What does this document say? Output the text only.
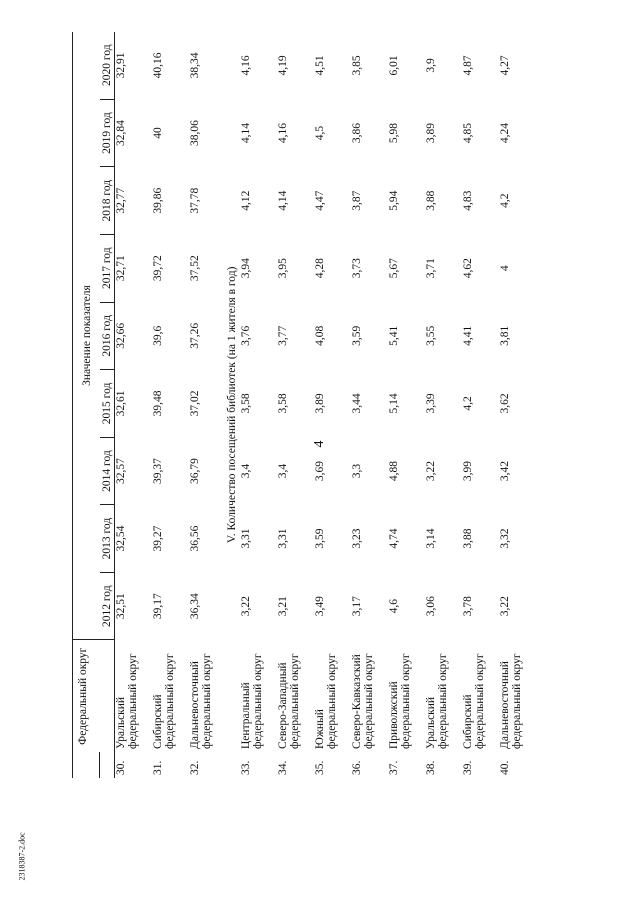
4
2318387-2.doc
	Федеральный округ	Значение показателя								
		2012 год	2013 год	2014 год	2015 год	2016 год	2017 год	2018 год	2019 год	2020 год
30.	Уральский федеральный округ	32,51	32,54	32,57	32,61	32,66	32,71	32,77	32,84	32,91
31.	Сибирский федеральный округ	39,17	39,27	39,37	39,48	39,6	39,72	39,86	40	40,16
32.	Дальневосточный федеральный округ	36,34	36,56	36,79	37,02	37,26	37,52	37,78	38,06	38,34
V. Количество посещений библиотек (на 1 жителя в год)										
33.	Центральный федеральный округ	3,22	3,31	3,4	3,58	3,76	3,94	4,12	4,14	4,16
34.	Северо-Западный федеральный округ	3,21	3,31	3,4	3,58	3,77	3,95	4,14	4,16	4,19
35.	Южный федеральный округ	3,49	3,59	3,69	3,89	4,08	4,28	4,47	4,5	4,51
36.	Северо-Кавказский федеральный округ	3,17	3,23	3,3	3,44	3,59	3,73	3,87	3,86	3,85
37.	Приволжский федеральный округ	4,6	4,74	4,88	5,14	5,41	5,67	5,94	5,98	6,01
38.	Уральский федеральный округ	3,06	3,14	3,22	3,39	3,55	3,71	3,88	3,89	3,9
39.	Сибирский федеральный округ	3,78	3,88	3,99	4,2	4,41	4,62	4,83	4,85	4,87
40.	Дальневосточный федеральный округ	3,22	3,32	3,42	3,62	3,81	4	4,2	4,24	4,27
